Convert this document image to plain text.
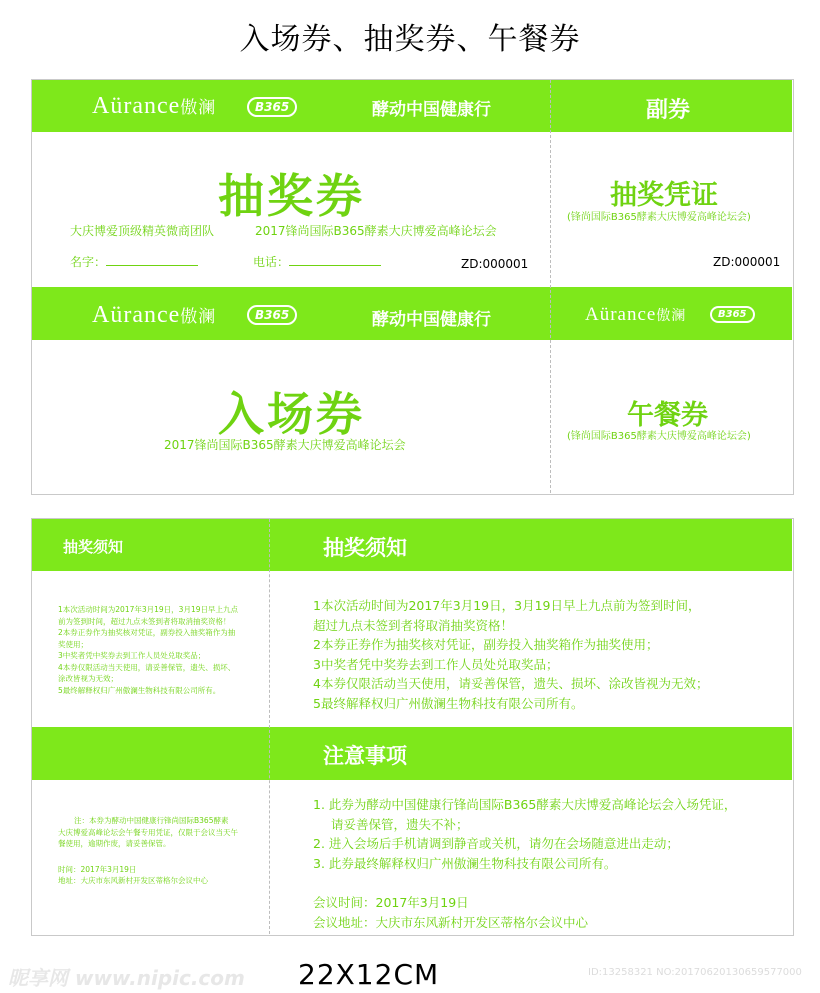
入场券、抽奖券、午餐券
Aürance傲澜	B365	酵动中国健康行	副券
抽奖券
大庆博爱顶级精英微商团队	2017锋尚国际B365酵素大庆博爱高峰论坛会
名字：	电话：	ZD:000001
抽奖凭证
(锋尚国际B365酵素大庆博爱高峰论坛会)
ZD:000001
Aürance傲澜	B365	酵动中国健康行	Aürance傲澜	B365
入场券
2017锋尚国际B365酵素大庆博爱高峰论坛会
午餐券
(锋尚国际B365酵素大庆博爱高峰论坛会)
抽奖须知	抽奖须知
1本次活动时间为2017年3月19日，3月19日早上九点
前为签到时间，超过九点未签到者将取消抽奖资格！
2本券正券作为抽奖核对凭证，副券投入抽奖箱作为抽
奖使用；
3中奖者凭中奖券去到工作人员处兑取奖品；
4本券仅限活动当天使用，请妥善保管，遗失、损坏、
涂改皆视为无效；
5最终解释权归广州傲澜生物科技有限公司所有。
1本次活动时间为2017年3月19日，3月19日早上九点前为签到时间，
超过九点未签到者将取消抽奖资格！
2本券正券作为抽奖核对凭证，副券投入抽奖箱作为抽奖使用；
3中奖者凭中奖券去到工作人员处兑取奖品；
4本券仅限活动当天使用，请妥善保管，遗失、损坏、涂改皆视为无效；
5最终解释权归广州傲澜生物科技有限公司所有。
注意事项
注：本券为酵动中国健康行锋尚国际B365酵素
大庆博爱高峰论坛会午餐专用凭证，仅限于会议当天午
餐使用，逾期作废，请妥善保管。
时间：2017年3月19日
地址：大庆市东风新村开发区蒂格尔会议中心
1. 此券为酵动中国健康行锋尚国际B365酵素大庆博爱高峰论坛会入场凭证，
请妥善保管，遗失不补；
2. 进入会场后手机请调到静音或关机，请勿在会场随意进出走动；
3. 此券最终解释权归广州傲澜生物科技有限公司所有。
会议时间：2017年3月19日
会议地址：大庆市东风新村开发区蒂格尔会议中心
22X12CM
昵享网 www.nipic.com	ID:13258321 NO:20170620130659577000
